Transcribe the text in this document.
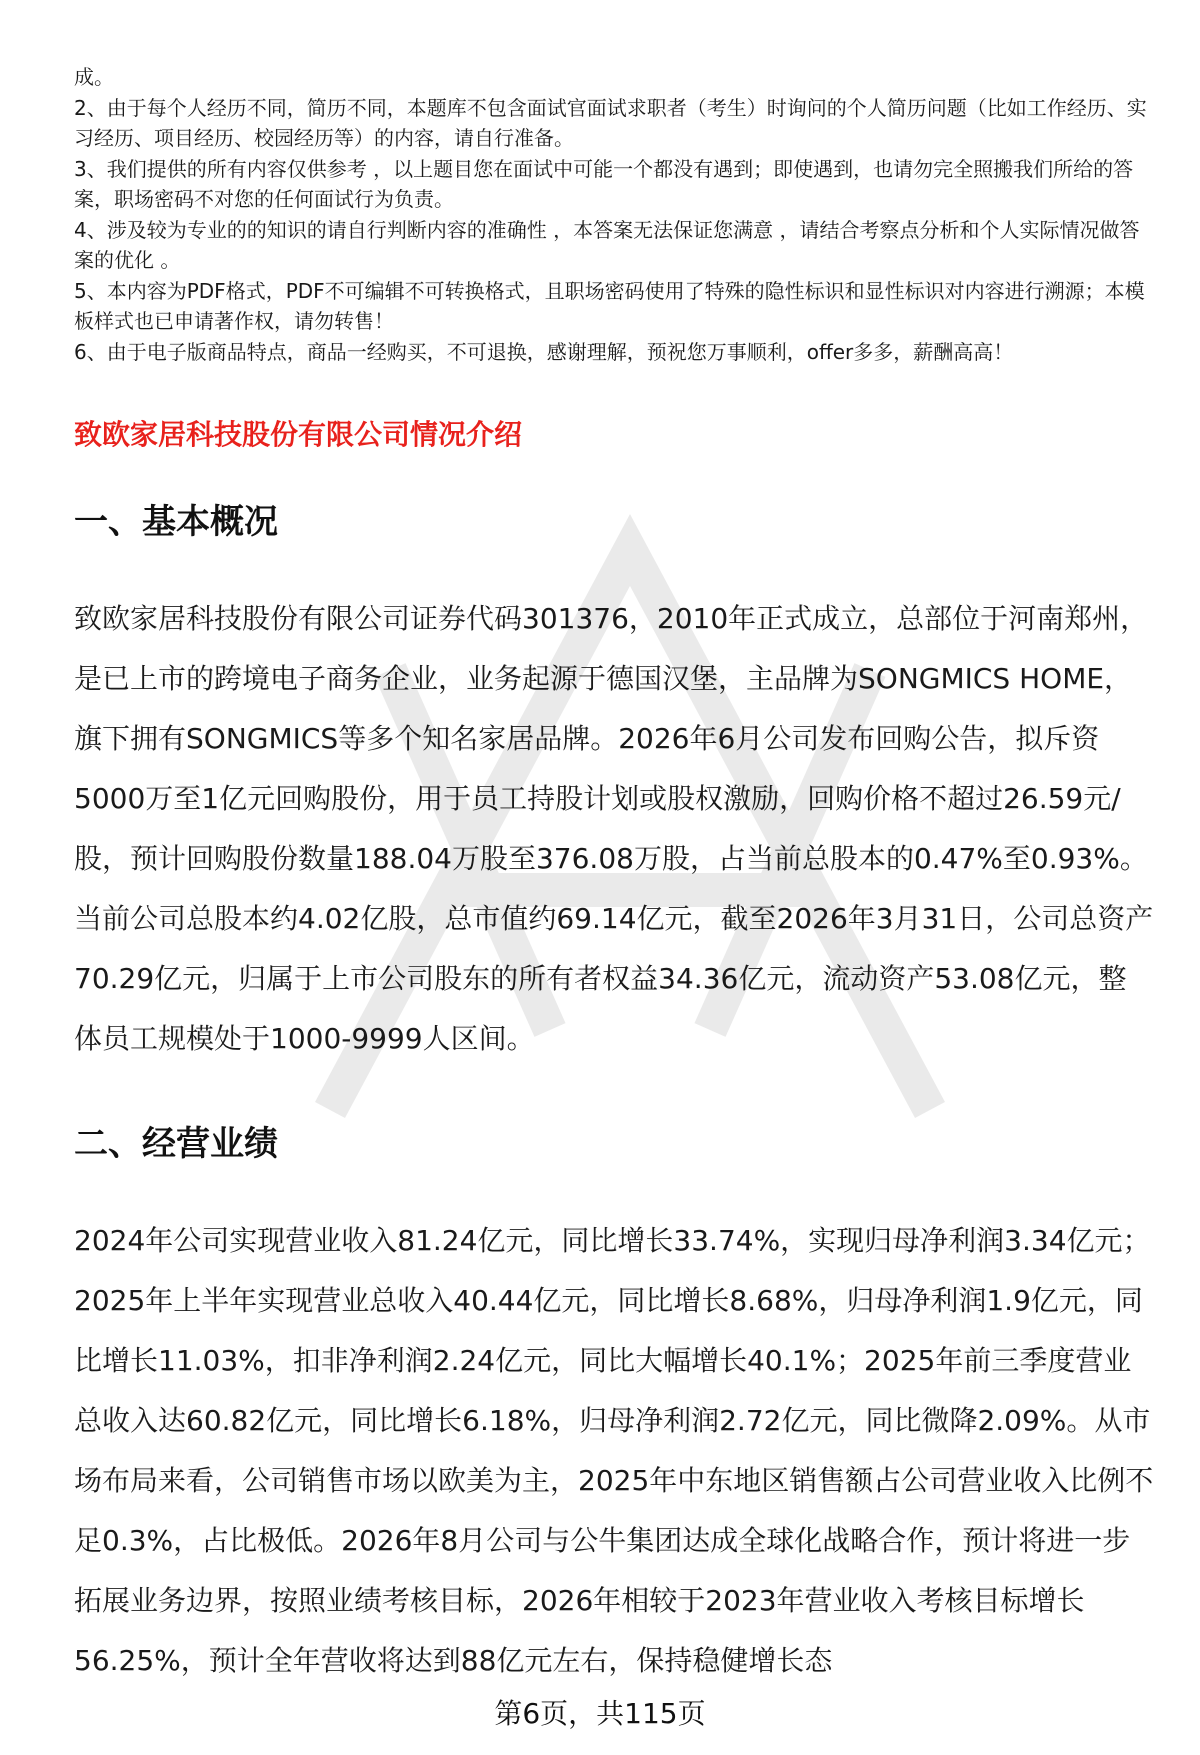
成。

2、由于每个人经历不同，简历不同，本题库不包含面试官面试求职者（考生）时询问的个人简历问题（比如工作经历、实习经历、项目经历、校园经历等）的内容，请自行准备。

3、我们提供的所有内容仅供参考 ，以上题目您在面试中可能一个都没有遇到；即使遇到，也请勿完全照搬我们所给的答案，职场密码不对您的任何面试行为负责。

4、涉及较为专业的的知识的请自行判断内容的准确性 ，本答案无法保证您满意 ，请结合考察点分析和个人实际情况做答案的优化 。

5、本内容为PDF格式，PDF不可编辑不可转换格式，且职场密码使用了特殊的隐性标识和显性标识对内容进行溯源；本模板样式也已申请著作权，请勿转售！

6、由于电子版商品特点，商品一经购买，不可退换，感谢理解，预祝您万事顺利，offer多多，薪酬高高！

致欧家居科技股份有限公司情况介绍
一、基本概况
致欧家居科技股份有限公司证券代码301376，2010年正式成立，总部位于河南郑州，是已上市的跨境电子商务企业，业务起源于德国汉堡，主品牌为SONGMICS HOME，旗下拥有SONGMICS等多个知名家居品牌。2026年6月公司发布回购公告，拟斥资5000万至1亿元回购股份，用于员工持股计划或股权激励，回购价格不超过26.59元/股，预计回购股份数量188.04万股至376.08万股，占当前总股本的0.47%至0.93%。当前公司总股本约4.02亿股，总市值约69.14亿元，截至2026年3月31日，公司总资产70.29亿元，归属于上市公司股东的所有者权益34.36亿元，流动资产53.08亿元，整体员工规模处于1000-9999人区间。
二、经营业绩
2024年公司实现营业收入81.24亿元，同比增长33.74%，实现归母净利润3.34亿元；2025年上半年实现营业总收入40.44亿元，同比增长8.68%，归母净利润1.9亿元，同比增长11.03%，扣非净利润2.24亿元，同比大幅增长40.1%；2025年前三季度营业总收入达60.82亿元，同比增长6.18%，归母净利润2.72亿元，同比微降2.09%。从市场布局来看，公司销售市场以欧美为主，2025年中东地区销售额占公司营业收入比例不足0.3%，占比极低。2026年8月公司与公牛集团达成全球化战略合作，预计将进一步拓展业务边界，按照业绩考核目标，2026年相较于2023年营业收入考核目标增长56.25%，预计全年营收将达到88亿元左右，保持稳健增长态
第6页，共115页
